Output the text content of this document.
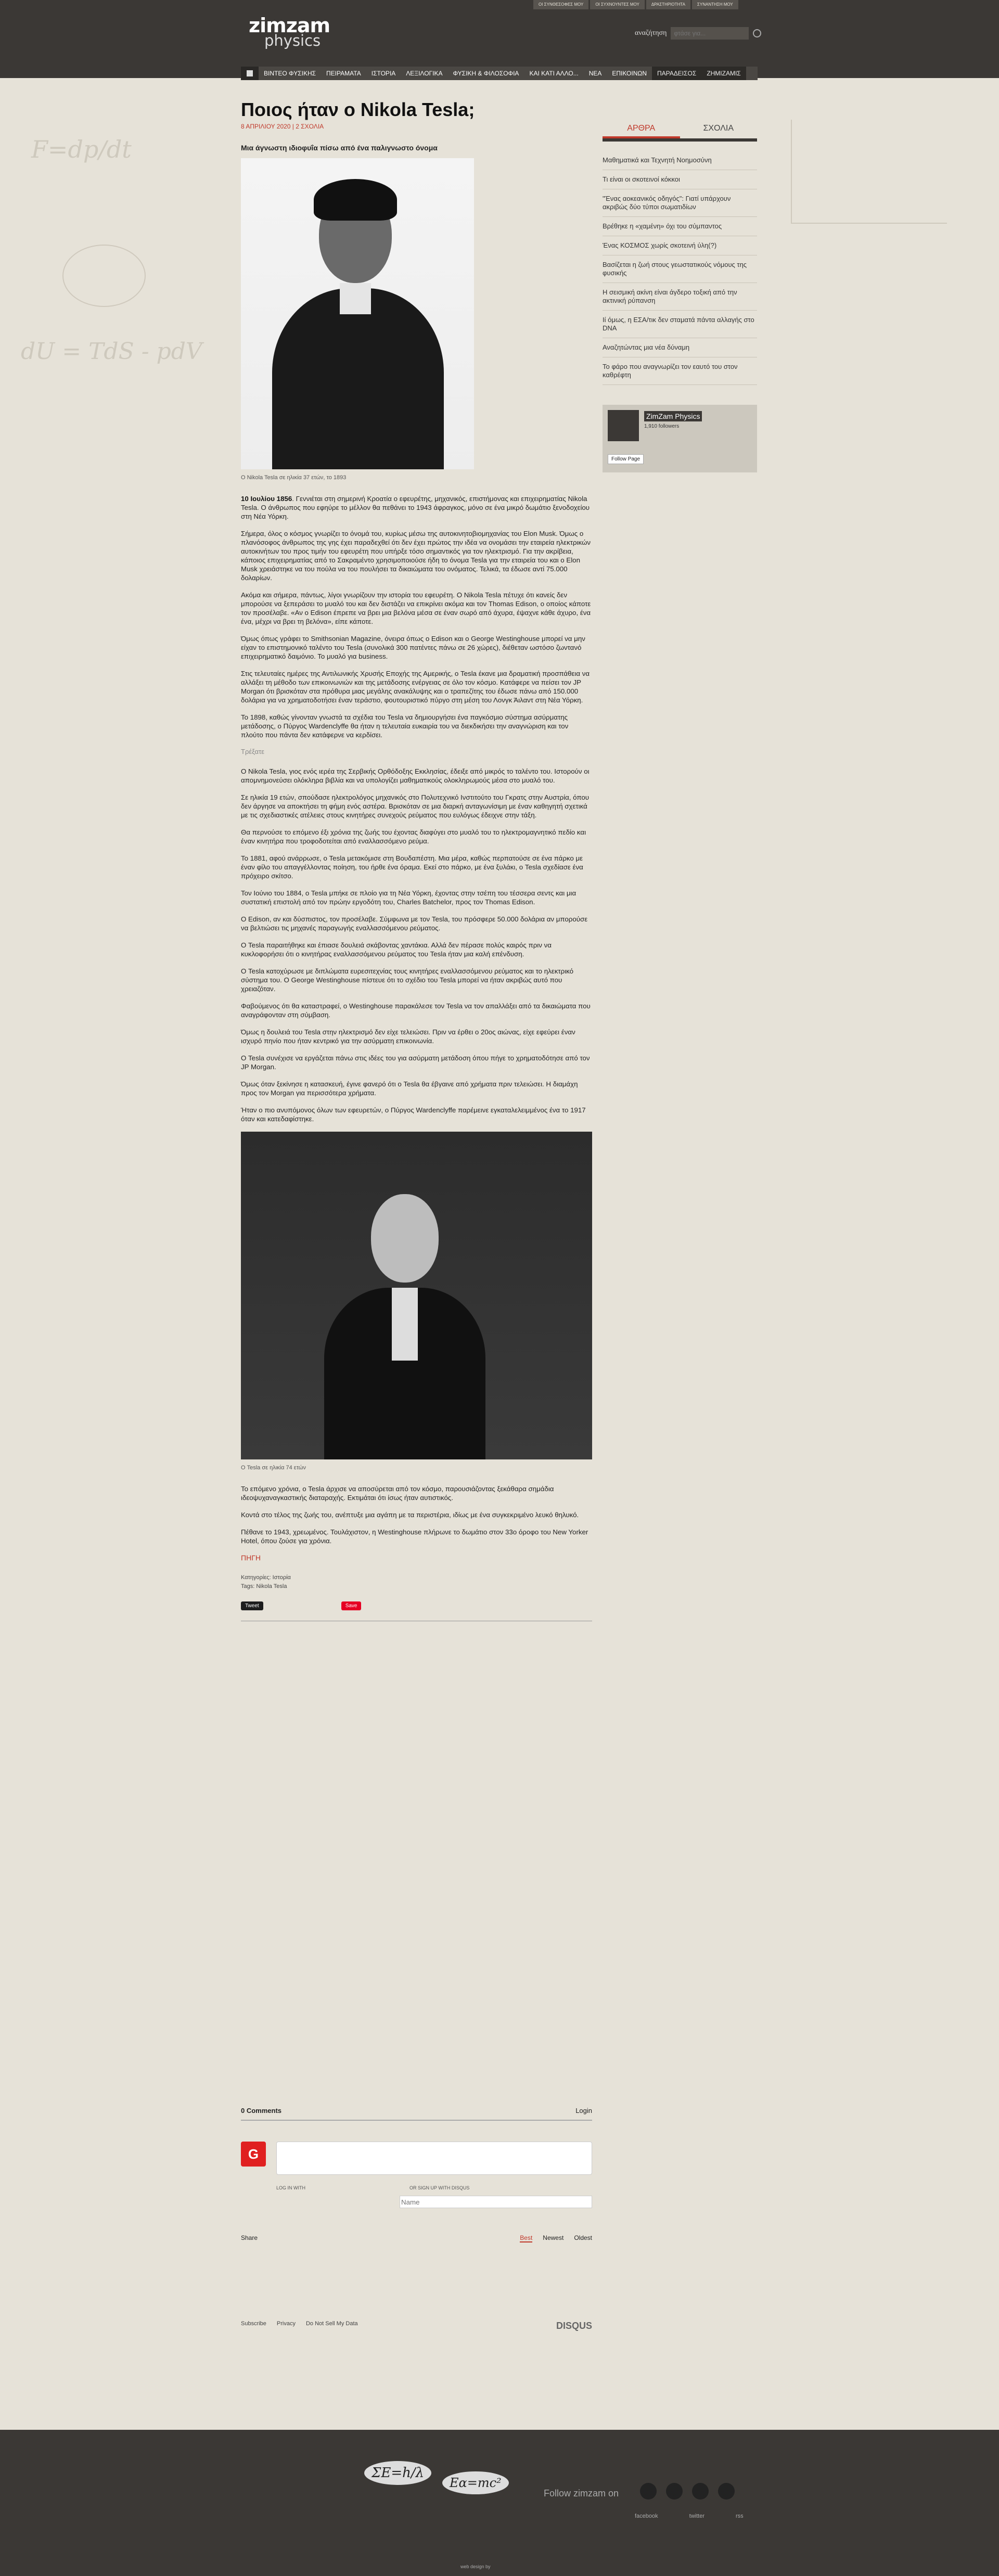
F=dp/dt
dU = TdS - pdV
ΟΙ ΣΥΝΘΕΣΟΦΕΣ ΜΟΥ	ΟΙ ΣΥΧΝΟΥΝΤΕΣ ΜΟΥ	ΔΡΑΣΤΗΡΙΟΤΗΤΑ	ΣΥΝΑΝΤΗΣΗ ΜΟΥ
zimzam
physics	αναζήτηση
φτάσε για...
ΒΙΝΤΕΟ ΦΥΣΙΚΗΣ	ΠΕΙΡΑΜΑΤΑ	ΙΣΤΟΡΙΑ	ΛΕΞΙΛΟΓΙΚΑ	ΦΥΣΙΚΗ & ΦΙΛΟΣΟΦΙΑ	ΚΑΙ ΚΑΤΙ ΑΛΛΟ...	ΝΕΑ	ΕΠΙΚΟΙΝΩΝ	ΠΑΡΑΔΕΙΣΟΣ	ΖΗΜΙΖΑΜΙΣ
Ποιος ήταν ο Nikola Tesla;
8 ΑΠΡΙΛΙΟΥ 2020 | 2 ΣΧΟΛΙΑ
Μια άγνωστη ιδιοφυΐα πίσω από ένα παλιγνωστο όνομα
Ο Nikola Tesla σε ηλικία 37 ετών, το 1893

10 Ιουλίου 1856. Γεννιέται στη σημερινή Κροατία ο εφευρέτης, μηχανικός, επιστήμονας και επιχειρηματίας Nikola Tesla. Ο άνθρωπος που εφηύρε το μέλλον θα πεθάνει το 1943 άφραγκος, μόνο σε ένα μικρό δωμάτιο ξενοδοχείου στη Νέα Υόρκη.

Σήμερα, όλος ο κόσμος γνωρίζει το όνομά του, κυρίως μέσω της αυτοκινητοβιομηχανίας του Elon Musk. Όμως ο πλανόσοφος άνθρωπος της γης έχει παραδεχθεί ότι δεν έχει πρώτος την ιδέα να ονομάσει την εταιρεία ηλεκτρικών αυτοκινήτων του προς τιμήν του εφευρέτη που υπήρξε τόσο σημαντικός για τον ηλεκτρισμό. Για την ακρίβεια, κάποιος επιχειρηματίας από το Σακραμέντο χρησιμοποιούσε ήδη το όνομα Tesla για την εταιρεία του και ο Elon Musk χρειάστηκε να του πούλα να του πουλήσει τα δικαιώματα του ονόματος. Τελικά, τα έδωσε αντί 75.000 δολαρίων.

Ακόμα και σήμερα, πάντως, λίγοι γνωρίζουν την ιστορία του εφευρέτη. Ο Nikola Tesla πέτυχε ότι κανείς δεν μπορούσε να ξεπεράσει το μυαλό του και δεν διστάζει να επικρίνει ακόμα και τον Thomas Edison, ο οποίος κάποτε τον προσέλαβε. «Αν ο Edison έπρεπε να βρει μια βελόνα μέσα σε έναν σωρό από άχυρα, έψαχνε κάθε άχυρο, ένα ένα, μέχρι να βρει τη βελόνα», είπε κάποτε.

Όμως όπως γράφει το Smithsonian Magazine, όνειρα όπως ο Edison και ο George Westinghouse μπορεί να μην είχαν το επιστημονικό ταλέντο του Tesla (συνολικά 300 πατέντες πάνω σε 26 χώρες), διέθεταν ωστόσο ζωντανό επιχειρηματικό δαιμόνιο. Το μυαλό για business.

Στις τελευταίες ημέρες της Αντιλωνικής Χρυσής Εποχής της Αμερικής, ο Tesla έκανε μια δραματική προσπάθεια να αλλάξει τη μέθοδο των επικοινωνιών και της μετάδοσης ενέργειας σε όλο τον κόσμο. Κατάφερε να πείσει τον JP Morgan ότι βρισκόταν στα πρόθυρα μιας μεγάλης ανακάλυψης και ο τραπεζίτης του έδωσε πάνω από 150.000 δολάρια για να χρηματοδοτήσει έναν τεράστιο, φουτουριστικό πύργο στη μέση του Λονγκ Άιλαντ στη Νέα Υόρκη.

Το 1898, καθώς γίνονταν γνωστά τα σχέδια του Tesla να δημιουργήσει ένα παγκόσμιο σύστημα ασύρματης μετάδοσης, ο Πύργος Wardenclyffe θα ήταν η τελευταία ευκαιρία του να διεκδικήσει την αναγνώριση και τον πλούτο που πάντα δεν κατάφερνε να κερδίσει.

Τρέξατε

Ο Nikola Tesla, γιος ενός ιερέα της Σερβικής Ορθόδοξης Εκκλησίας, έδειξε από μικρός το ταλέντο του. Ιστορούν οι απομνημονεύσει ολόκληρα βιβλία και να υπολογίζει μαθηματικούς ολοκληρωμούς μέσα στο μυαλό του.

Σε ηλικία 19 ετών, σπούδασε ηλεκτρολόγος μηχανικός στο Πολυτεχνικό Ινστιτούτο του Γκρατς στην Αυστρία, όπου δεν άργησε να αποκτήσει τη φήμη ενός αστέρα. Βρισκόταν σε μια διαρκή ανταγωνίσιμη με έναν καθηγητή σχετικά με τις σχεδιαστικές ατέλειες στους κινητήρες συνεχούς ρεύματος που ευλόγως έδειχνε στην τάξη.

Θα περνούσε το επόμενο έξι χρόνια της ζωής του έχοντας διαφύγει στο μυαλό του το ηλεκτρομαγνητικό πεδίο και έναν κινητήρα που τροφοδοτείται από εναλλασσόμενο ρεύμα.

Το 1881, αφού ανάρρωσε, ο Tesla μετακόμισε στη Βουδαπέστη. Μια μέρα, καθώς περπατούσε σε ένα πάρκο με έναν φίλο του απαγγέλλοντας ποίηση, του ήρθε ένα όραμα. Εκεί στο πάρκο, με ένα ξυλάκι, ο Tesla σχεδίασε ένα πρόχειρο σκίτσο.

Τον Ιούνιο του 1884, ο Tesla μπήκε σε πλοίο για τη Νέα Υόρκη, έχοντας στην τσέπη του τέσσερα σεντς και μια συστατική επιστολή από τον πρώην εργοδότη του, Charles Batchelor, προς τον Thomas Edison.

Ο Edison, αν και δύσπιστος, τον προσέλαβε. Σύμφωνα με τον Tesla, του πρόσφερε 50.000 δολάρια αν μπορούσε να βελτιώσει τις μηχανές παραγωγής εναλλασσόμενου ρεύματος.

Ο Tesla παραιτήθηκε και έπιασε δουλειά σκάβοντας χαντάκια. Αλλά δεν πέρασε πολύς καιρός πριν να κυκλοφορήσει ότι ο κινητήρας εναλλασσόμενου ρεύματος του Tesla ήταν μια καλή επένδυση.

Ο Tesla κατοχύρωσε με διπλώματα ευρεσιτεχνίας τους κινητήρες εναλλασσόμενου ρεύματος και το ηλεκτρικό σύστημα του. Ο George Westinghouse πίστευε ότι το σχέδιο του Tesla μπορεί να ήταν ακριβώς αυτό που χρειαζόταν.

Φαβούμενος ότι θα καταστραφεί, ο Westinghouse παρακάλεσε τον Tesla να τον απαλλάξει από τα δικαιώματα που αναγράφονταν στη σύμβαση.

Όμως η δουλειά του Tesla στην ηλεκτρισμό δεν είχε τελειώσει. Πριν να έρθει ο 20ος αιώνας, είχε εφεύρει έναν ισχυρό πηνίο που ήταν κεντρικό για την ασύρματη επικοινωνία.

Ο Tesla συνέχισε να εργάζεται πάνω στις ιδέες του για ασύρματη μετάδοση όπου πήγε το χρηματοδότησε από τον JP Morgan.

Όμως όταν ξεκίνησε η κατασκευή, έγινε φανερό ότι ο Tesla θα έβγαινε από χρήματα πριν τελειώσει. Η διαμάχη προς τον Morgan για περισσότερα χρήματα.

Ήταν ο πιο ανυπόμονος όλων των εφευρετών, ο Πύργος Wardenclyffe παρέμεινε εγκαταλελειμμένος ένα το 1917 όταν και κατεδαφίστηκε.

Ο Tesla σε ηλικία 74 ετών

Το επόμενο χρόνια, ο Tesla άρχισε να αποσύρεται από τον κόσμο, παρουσιάζοντας ξεκάθαρα σημάδια ιδεοψυχαναγκαστικής διαταραχής. Εκτιμάται ότι ίσως ήταν αυτιστικός.

Κοντά στο τέλος της ζωής του, ανέπτυξε μια αγάπη με τα περιστέρια, ιδίως με ένα συγκεκριμένο λευκό θηλυκό.

Πέθανε το 1943, χρεωμένος. Τουλάχιστον, η Westinghouse πλήρωνε το δωμάτιο στον 33ο όροφο του New Yorker Hotel, όπου ζούσε για χρόνια.

ΠΗΓΗ
Κατηγορίες: Ιστορία
Tags: Nikola Tesla
Tweet	Save
ΑΡΘΡΑ	ΣΧΟΛΙΑ
Μαθηματικά και Τεχνητή Νοημοσύνη
Τι είναι οι σκοτεινοί κόκκοι
"Ένας αοκεανικός οδηγός": Γιατί υπάρχουν ακριβώς δύο τύποι σωματιδίων
Βρέθηκε η «χαμένη» όχι του σύμπαντος
Ένας ΚΟΣΜΟΣ χωρίς σκοτεινή ύλη(?)
Βασίζεται η ζωή στους γεωστατικούς νόμους της φυσικής
Η σεισμική ακίνη είναι άγδερο τοξική από την ακτινική ρύπανση
Ιί όμως, η ΕΣΑ/τικ δεν σταματά πάντα αλλαγής στο DNA
Αναζητώντας μια νέα δύναμη
Το φάρο που αναγνωρίζει τον εαυτό του στον καθρέφτη
ZimZam Physics
1,910 followers
Follow Page
0 Comments	Login
G
LOG IN WITH	OR SIGN UP WITH DISQUS
Name
Share	Best Newest Oldest
Subscribe Privacy Do Not Sell My Data	DISQUS
ΣE=h/λ
Eα=mc²
Follow zimzam on
facebook	twitter	rss
web design by
